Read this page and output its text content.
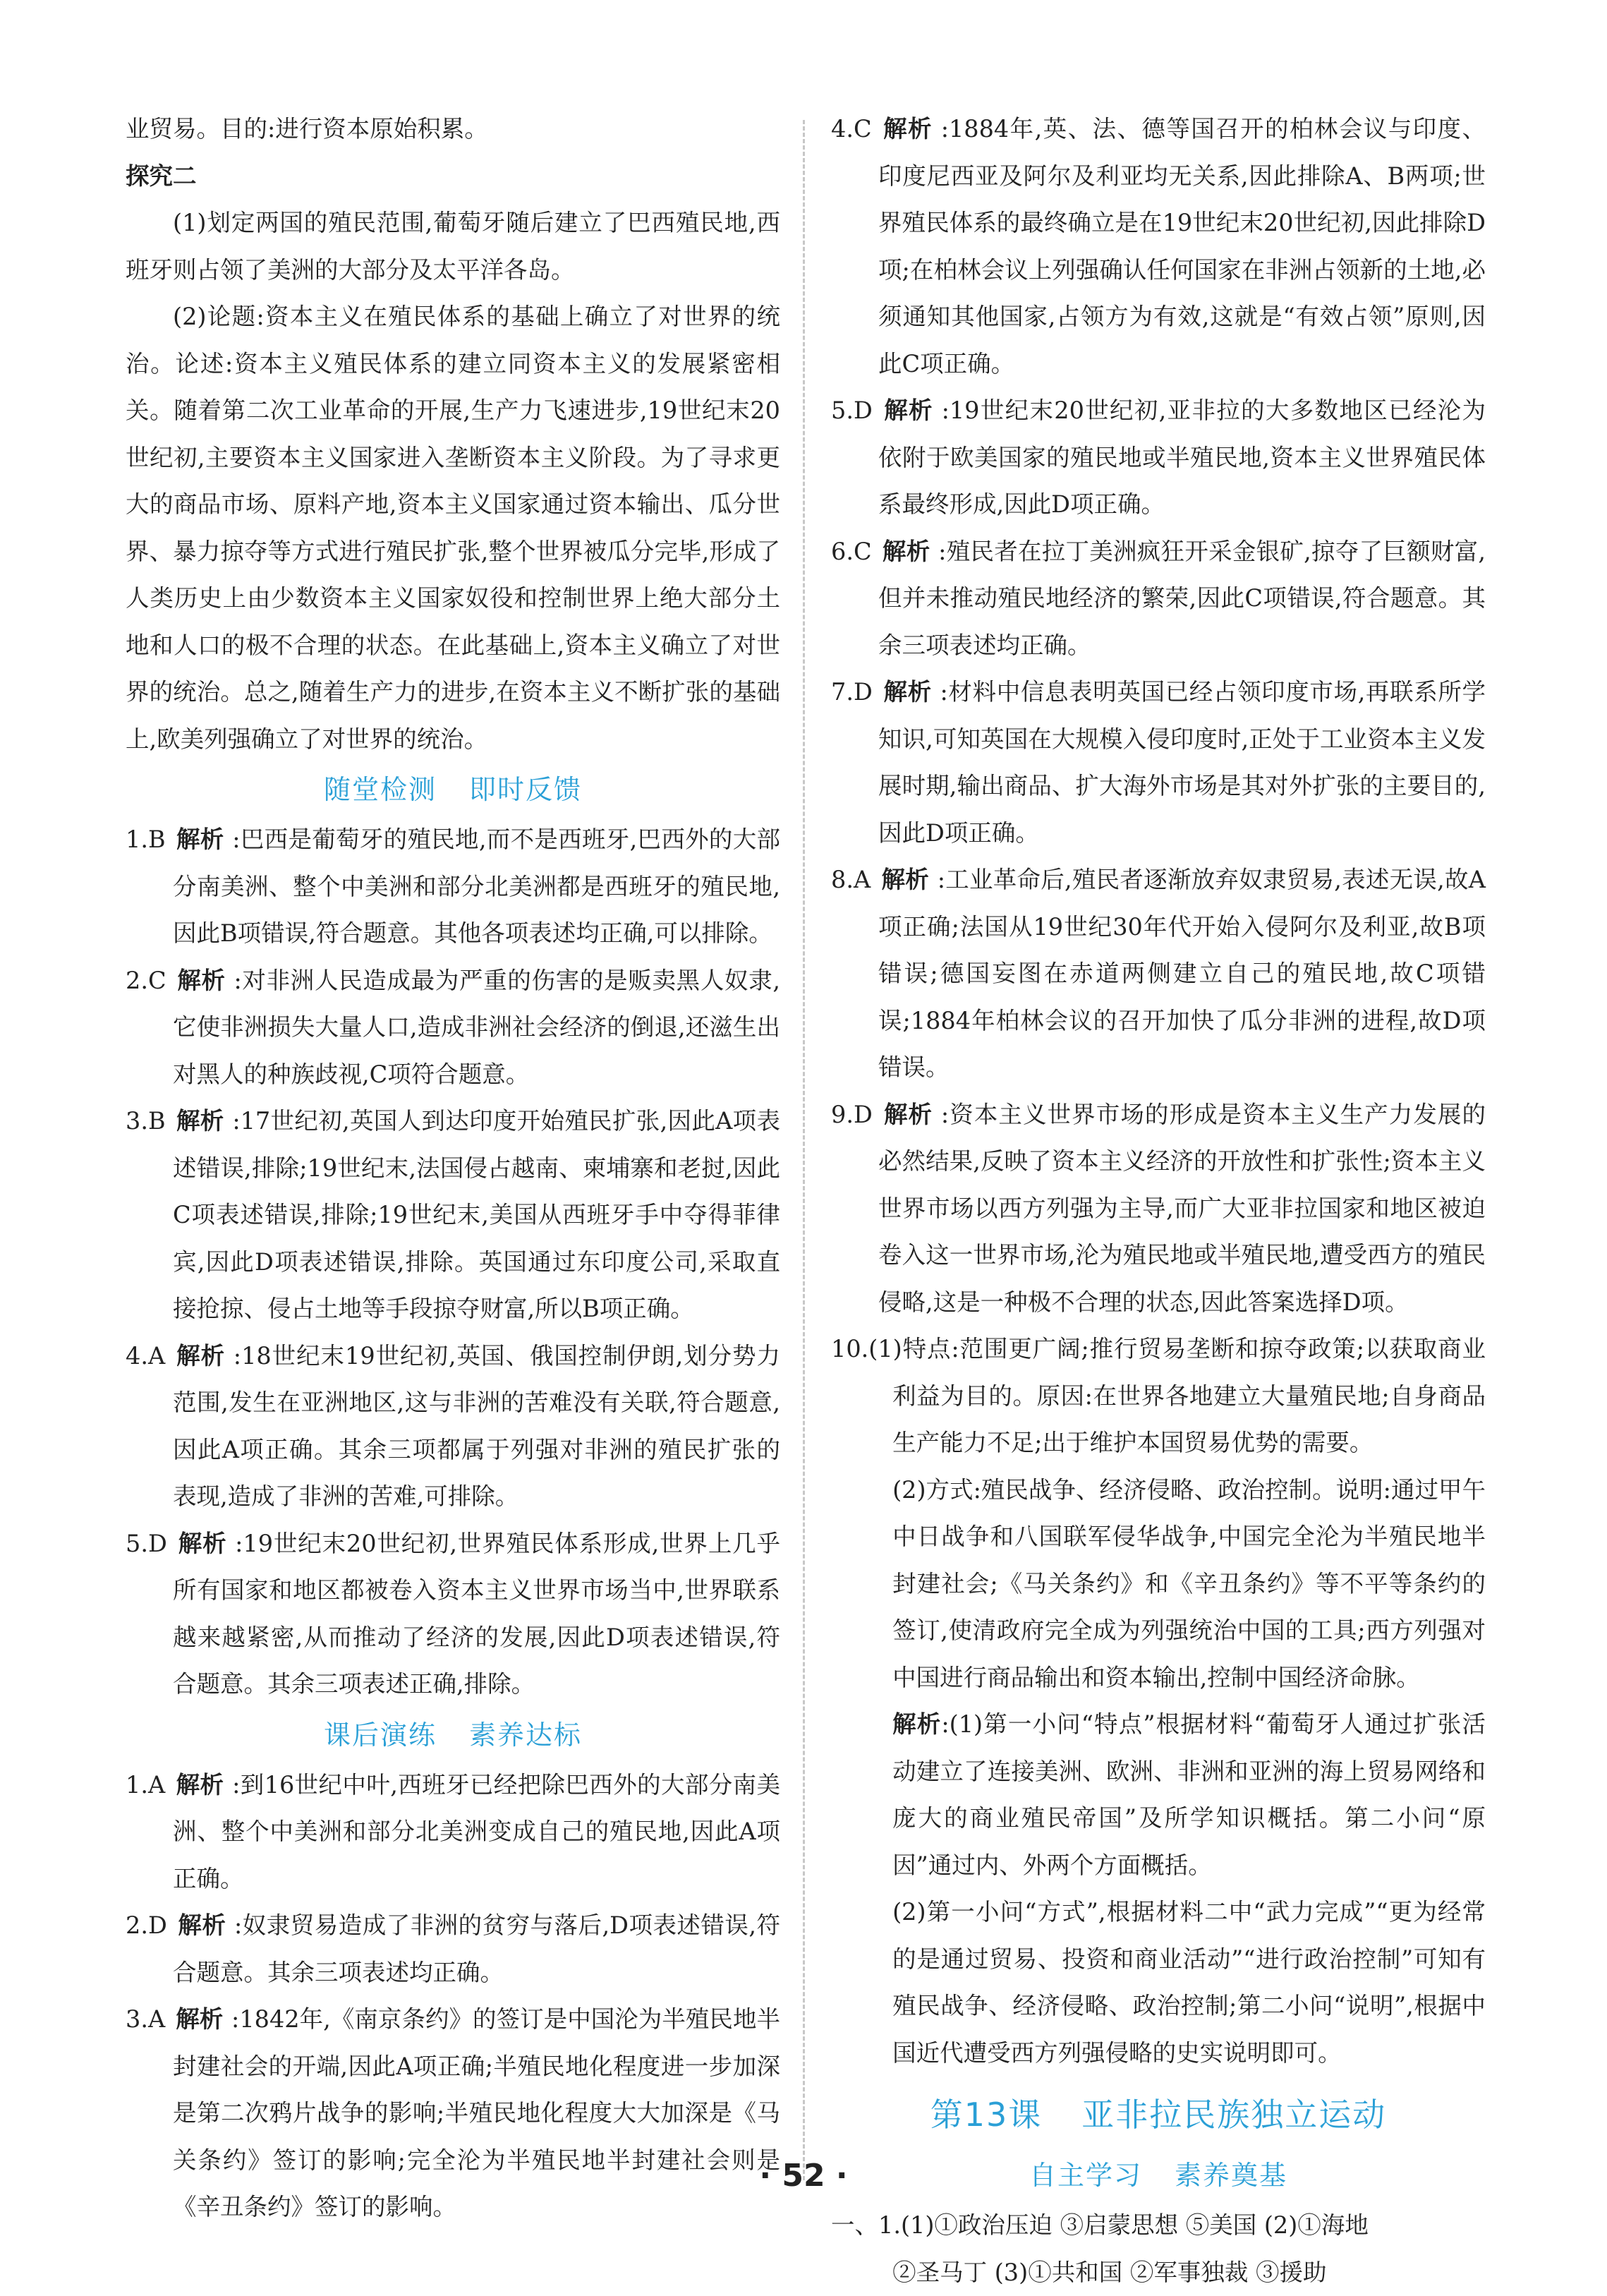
业贸易。目的:进行资本原始积累。

探究二

(1)划定两国的殖民范围,葡萄牙随后建立了巴西殖民地,西班牙则占领了美洲的大部分及太平洋各岛。

(2)论题:资本主义在殖民体系的基础上确立了对世界的统治。论述:资本主义殖民体系的建立同资本主义的发展紧密相关。随着第二次工业革命的开展,生产力飞速进步,19世纪末20世纪初,主要资本主义国家进入垄断资本主义阶段。为了寻求更大的商品市场、原料产地,资本主义国家通过资本输出、瓜分世界、暴力掠夺等方式进行殖民扩张,整个世界被瓜分完毕,形成了人类历史上由少数资本主义国家奴役和控制世界上绝大部分土地和人口的极不合理的状态。在此基础上,资本主义确立了对世界的统治。总之,随着生产力的进步,在资本主义不断扩张的基础上,欧美列强确立了对世界的统治。

随堂检测 即时反馈

1.B 解析 :巴西是葡萄牙的殖民地,而不是西班牙,巴西外的大部分南美洲、整个中美洲和部分北美洲都是西班牙的殖民地,因此B项错误,符合题意。其他各项表述均正确,可以排除。

2.C 解析 :对非洲人民造成最为严重的伤害的是贩卖黑人奴隶,它使非洲损失大量人口,造成非洲社会经济的倒退,还滋生出对黑人的种族歧视,C项符合题意。

3.B 解析 :17世纪初,英国人到达印度开始殖民扩张,因此A项表述错误,排除;19世纪末,法国侵占越南、柬埔寨和老挝,因此C项表述错误,排除;19世纪末,美国从西班牙手中夺得菲律宾,因此D项表述错误,排除。英国通过东印度公司,采取直接抢掠、侵占土地等手段掠夺财富,所以B项正确。

4.A 解析 :18世纪末19世纪初,英国、俄国控制伊朗,划分势力范围,发生在亚洲地区,这与非洲的苦难没有关联,符合题意,因此A项正确。其余三项都属于列强对非洲的殖民扩张的表现,造成了非洲的苦难,可排除。

5.D 解析 :19世纪末20世纪初,世界殖民体系形成,世界上几乎所有国家和地区都被卷入资本主义世界市场当中,世界联系越来越紧密,从而推动了经济的发展,因此D项表述错误,符合题意。其余三项表述正确,排除。

课后演练 素养达标

1.A 解析 :到16世纪中叶,西班牙已经把除巴西外的大部分南美洲、整个中美洲和部分北美洲变成自己的殖民地,因此A项正确。

2.D 解析 :奴隶贸易造成了非洲的贫穷与落后,D项表述错误,符合题意。其余三项表述均正确。

3.A 解析 :1842年,《南京条约》的签订是中国沦为半殖民地半封建社会的开端,因此A项正确;半殖民地化程度进一步加深是第二次鸦片战争的影响;半殖民地化程度大大加深是《马关条约》签订的影响;完全沦为半殖民地半封建社会则是《辛丑条约》签订的影响。

4.C 解析 :1884年,英、法、德等国召开的柏林会议与印度、印度尼西亚及阿尔及利亚均无关系,因此排除A、B两项;世界殖民体系的最终确立是在19世纪末20世纪初,因此排除D项;在柏林会议上列强确认任何国家在非洲占领新的土地,必须通知其他国家,占领方为有效,这就是“有效占领”原则,因此C项正确。

5.D 解析 :19世纪末20世纪初,亚非拉的大多数地区已经沦为依附于欧美国家的殖民地或半殖民地,资本主义世界殖民体系最终形成,因此D项正确。

6.C 解析 :殖民者在拉丁美洲疯狂开采金银矿,掠夺了巨额财富,但并未推动殖民地经济的繁荣,因此C项错误,符合题意。其余三项表述均正确。

7.D 解析 :材料中信息表明英国已经占领印度市场,再联系所学知识,可知英国在大规模入侵印度时,正处于工业资本主义发展时期,输出商品、扩大海外市场是其对外扩张的主要目的,因此D项正确。

8.A 解析 :工业革命后,殖民者逐渐放弃奴隶贸易,表述无误,故A项正确;法国从19世纪30年代开始入侵阿尔及利亚,故B项错误;德国妄图在赤道两侧建立自己的殖民地,故C项错误;1884年柏林会议的召开加快了瓜分非洲的进程,故D项错误。

9.D 解析 :资本主义世界市场的形成是资本主义生产力发展的必然结果,反映了资本主义经济的开放性和扩张性;资本主义世界市场以西方列强为主导,而广大亚非拉国家和地区被迫卷入这一世界市场,沦为殖民地或半殖民地,遭受西方的殖民侵略,这是一种极不合理的状态,因此答案选择D项。

10.(1)特点:范围更广阔;推行贸易垄断和掠夺政策;以获取商业利益为目的。原因:在世界各地建立大量殖民地;自身商品生产能力不足;出于维护本国贸易优势的需要。

(2)方式:殖民战争、经济侵略、政治控制。说明:通过甲午中日战争和八国联军侵华战争,中国完全沦为半殖民地半封建社会;《马关条约》和《辛丑条约》等不平等条约的签订,使清政府完全成为列强统治中国的工具;西方列强对中国进行商品输出和资本输出,控制中国经济命脉。

解析:(1)第一小问“特点”根据材料“葡萄牙人通过扩张活动建立了连接美洲、欧洲、非洲和亚洲的海上贸易网络和庞大的商业殖民帝国”及所学知识概括。第二小问“原因”通过内、外两个方面概括。

(2)第一小问“方式”,根据材料二中“武力完成”“更为经常的是通过贸易、投资和商业活动”“进行政治控制”可知有殖民战争、经济侵略、政治控制;第二小问“说明”,根据中国近代遭受西方列强侵略的史实说明即可。

第13课 亚非拉民族独立运动
自主学习 素养奠基

一、1.(1)①政治压迫 ③启蒙思想 ⑤美国 (2)①海地

②圣马丁 (3)①共和国 ②军事独裁 ③援助

· 52 ·
